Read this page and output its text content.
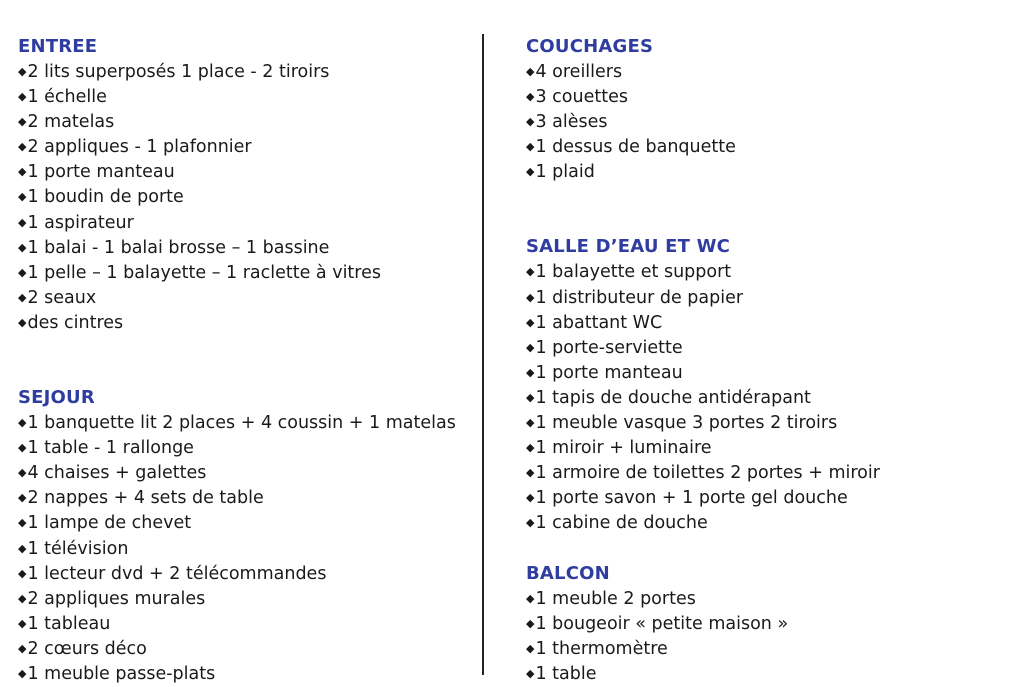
ENTREE
◆2 lits superposés 1 place - 2 tiroirs
◆1 échelle
◆2 matelas
◆2 appliques - 1 plafonnier
◆1 porte manteau
◆1 boudin de porte
◆1 aspirateur
◆1 balai - 1 balai brosse – 1 bassine
◆1 pelle – 1 balayette – 1 raclette à vitres
◆2 seaux
◆des cintres
SEJOUR
◆1 banquette lit 2 places + 4 coussin + 1 matelas
◆1 table - 1 rallonge
◆4 chaises + galettes
◆2 nappes + 4 sets de table
◆1 lampe de chevet
◆1 télévision
◆1 lecteur dvd + 2 télécommandes
◆2 appliques murales
◆1 tableau
◆2 cœurs déco
◆1 meuble passe-plats
COUCHAGES
◆4 oreillers
◆3 couettes
◆3 alèses
◆1 dessus de banquette
◆1 plaid
SALLE D’EAU ET WC
◆1 balayette et support
◆1 distributeur de papier
◆1 abattant WC
◆1 porte-serviette
◆1 porte manteau
◆1 tapis de douche antidérapant
◆1 meuble vasque 3 portes 2 tiroirs
◆1 miroir + luminaire
◆1 armoire de toilettes 2 portes + miroir
◆1 porte savon + 1 porte gel douche
◆1 cabine de douche
BALCON
◆1 meuble 2 portes
◆1 bougeoir « petite maison »
◆1 thermomètre
◆1 table
